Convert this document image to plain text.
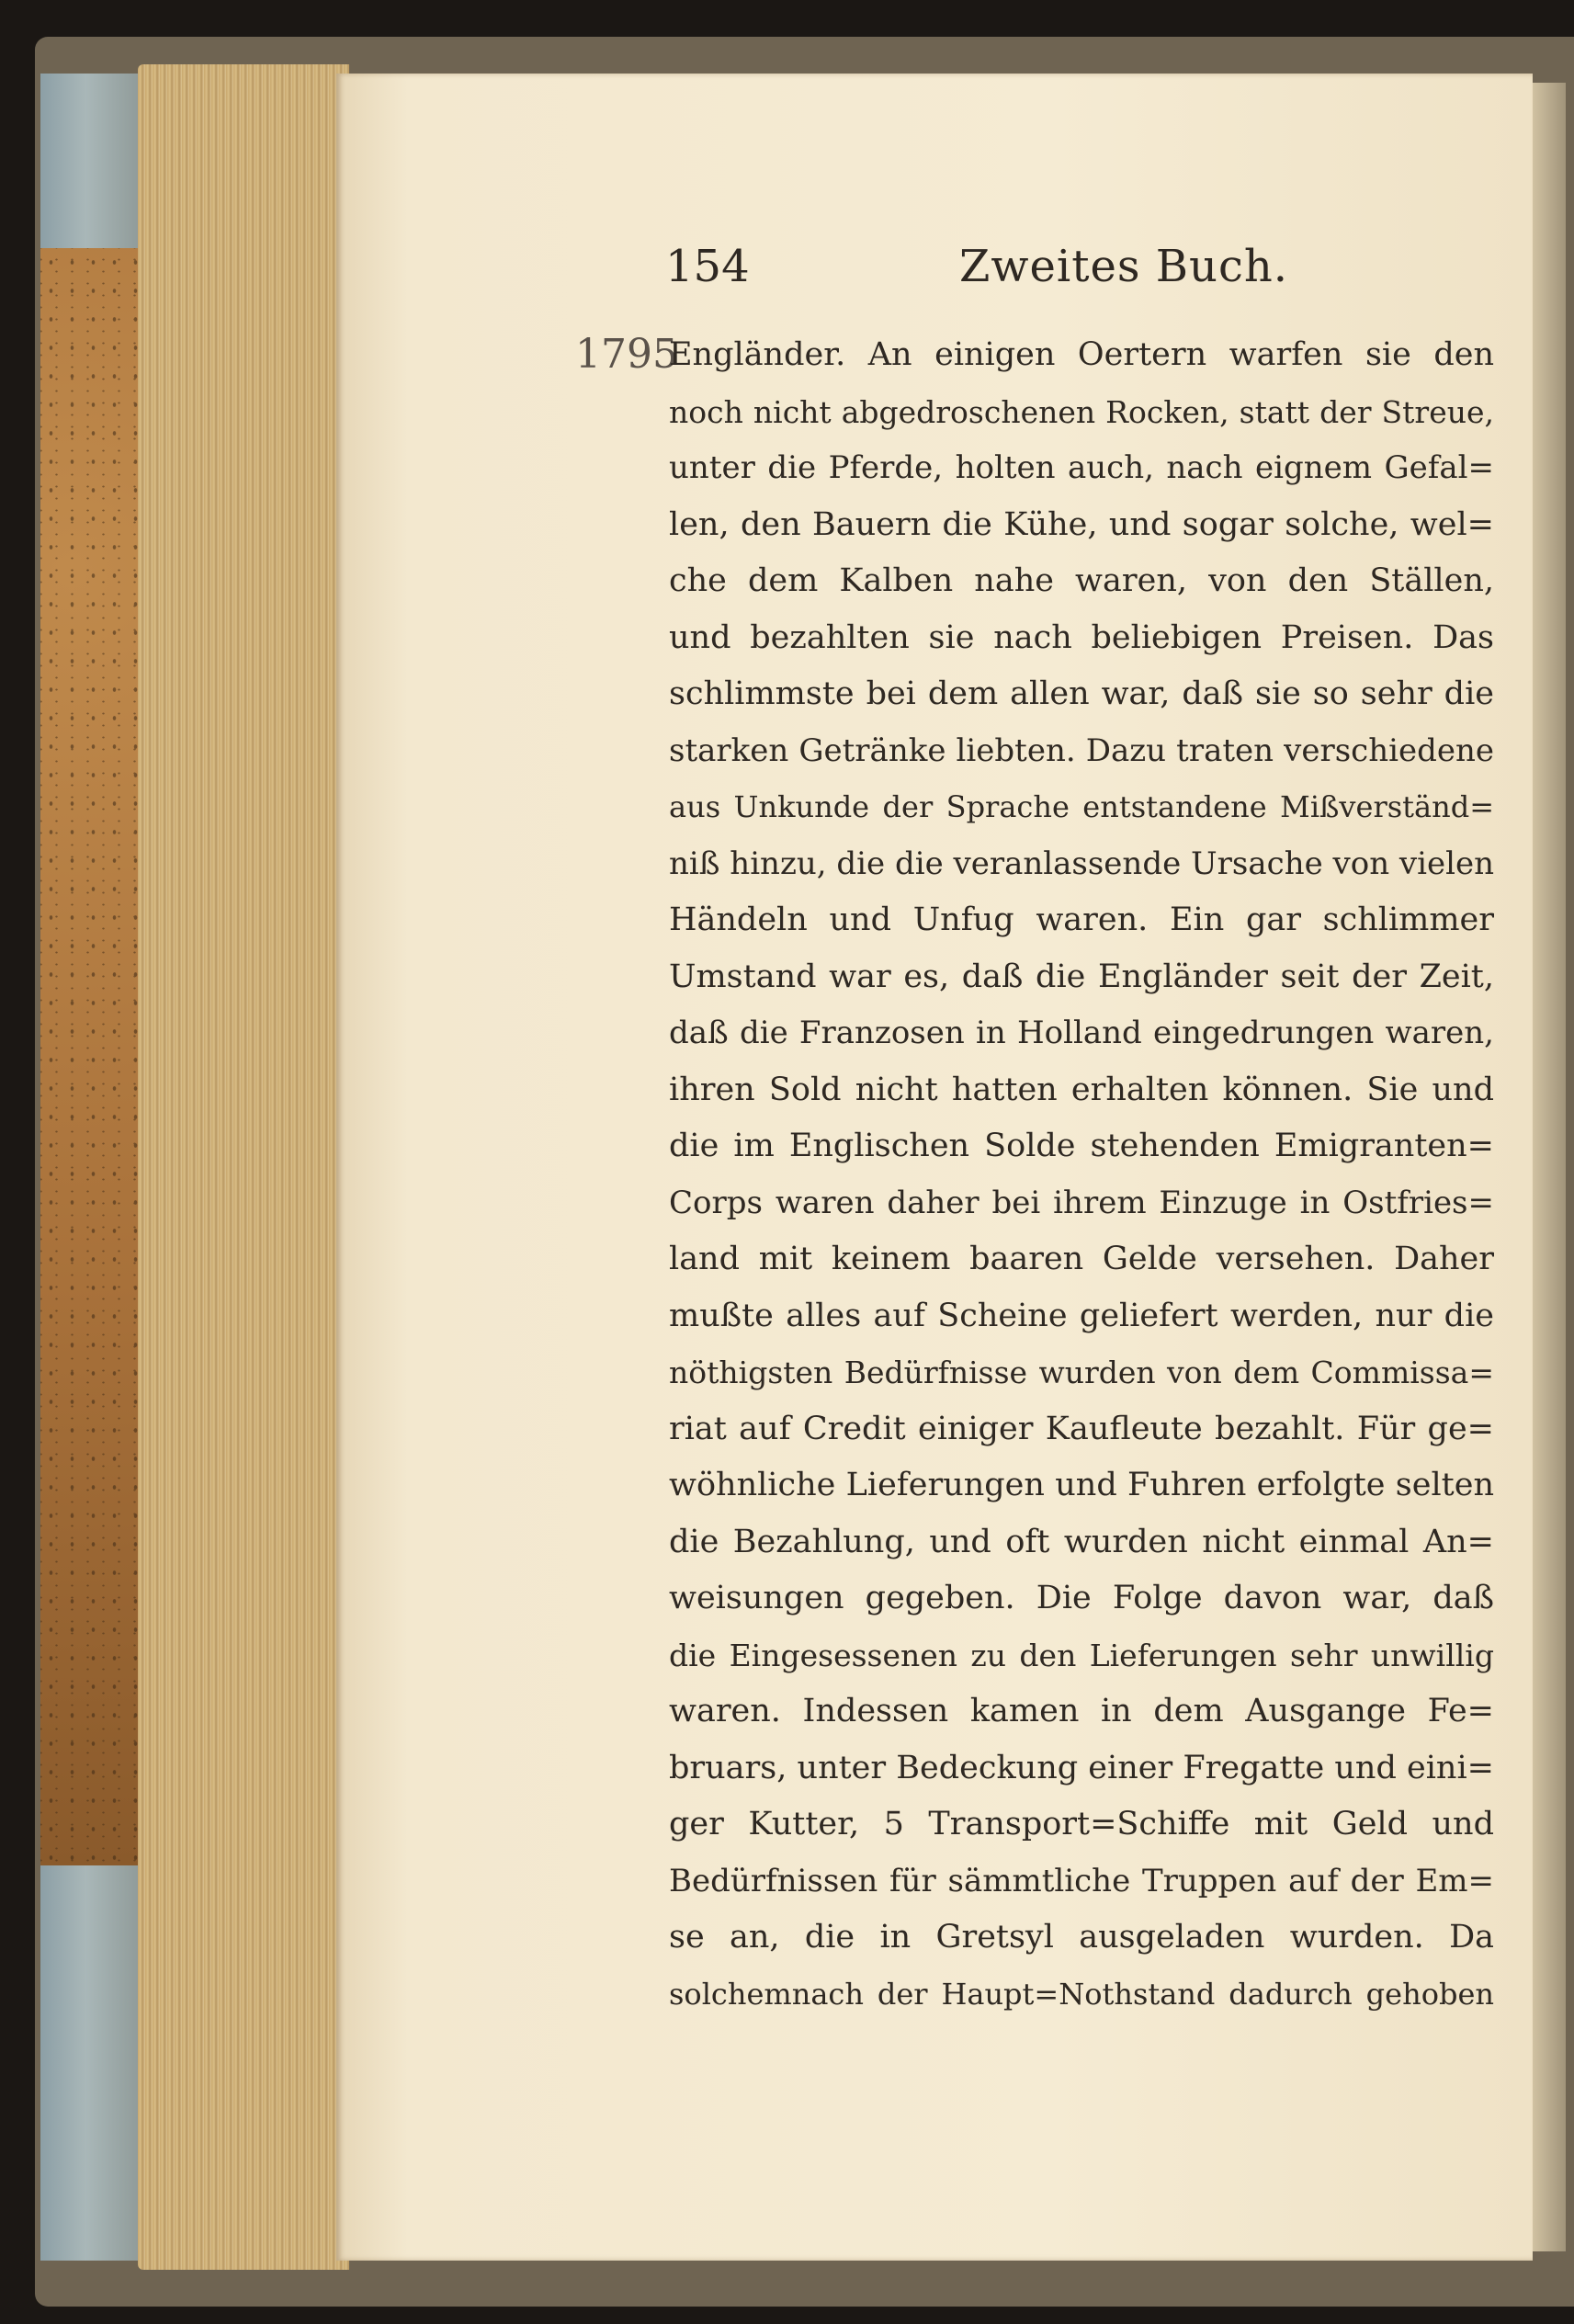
154	Zweites Buch.
1795
Engländer. An einigen Oertern warfen sie den
noch nicht abgedroschenen Rocken, statt der Streue,
unter die Pferde, holten auch, nach eignem Gefal=
len, den Bauern die Kühe, und sogar solche, wel=
che dem Kalben nahe waren, von den Ställen,
und bezahlten sie nach beliebigen Preisen. Das
schlimmste bei dem allen war, daß sie so sehr die
starken Getränke liebten. Dazu traten verschiedene
aus Unkunde der Sprache entstandene Mißverständ=
niß hinzu, die die veranlassende Ursache von vielen
Händeln und Unfug waren. Ein gar schlimmer
Umstand war es, daß die Engländer seit der Zeit,
daß die Franzosen in Holland eingedrungen waren,
ihren Sold nicht hatten erhalten können. Sie und
die im Englischen Solde stehenden Emigranten=
Corps waren daher bei ihrem Einzuge in Ostfries=
land mit keinem baaren Gelde versehen. Daher
mußte alles auf Scheine geliefert werden, nur die
nöthigsten Bedürfnisse wurden von dem Commissa=
riat auf Credit einiger Kaufleute bezahlt. Für ge=
wöhnliche Lieferungen und Fuhren erfolgte selten
die Bezahlung, und oft wurden nicht einmal An=
weisungen gegeben. Die Folge davon war, daß
die Eingesessenen zu den Lieferungen sehr unwillig
waren. Indessen kamen in dem Ausgange Fe=
bruars, unter Bedeckung einer Fregatte und eini=
ger Kutter, 5 Transport=Schiffe mit Geld und
Bedürfnissen für sämmtliche Truppen auf der Em=
se an, die in Gretsyl ausgeladen wurden. Da
solchemnach der Haupt=Nothstand dadurch gehoben
